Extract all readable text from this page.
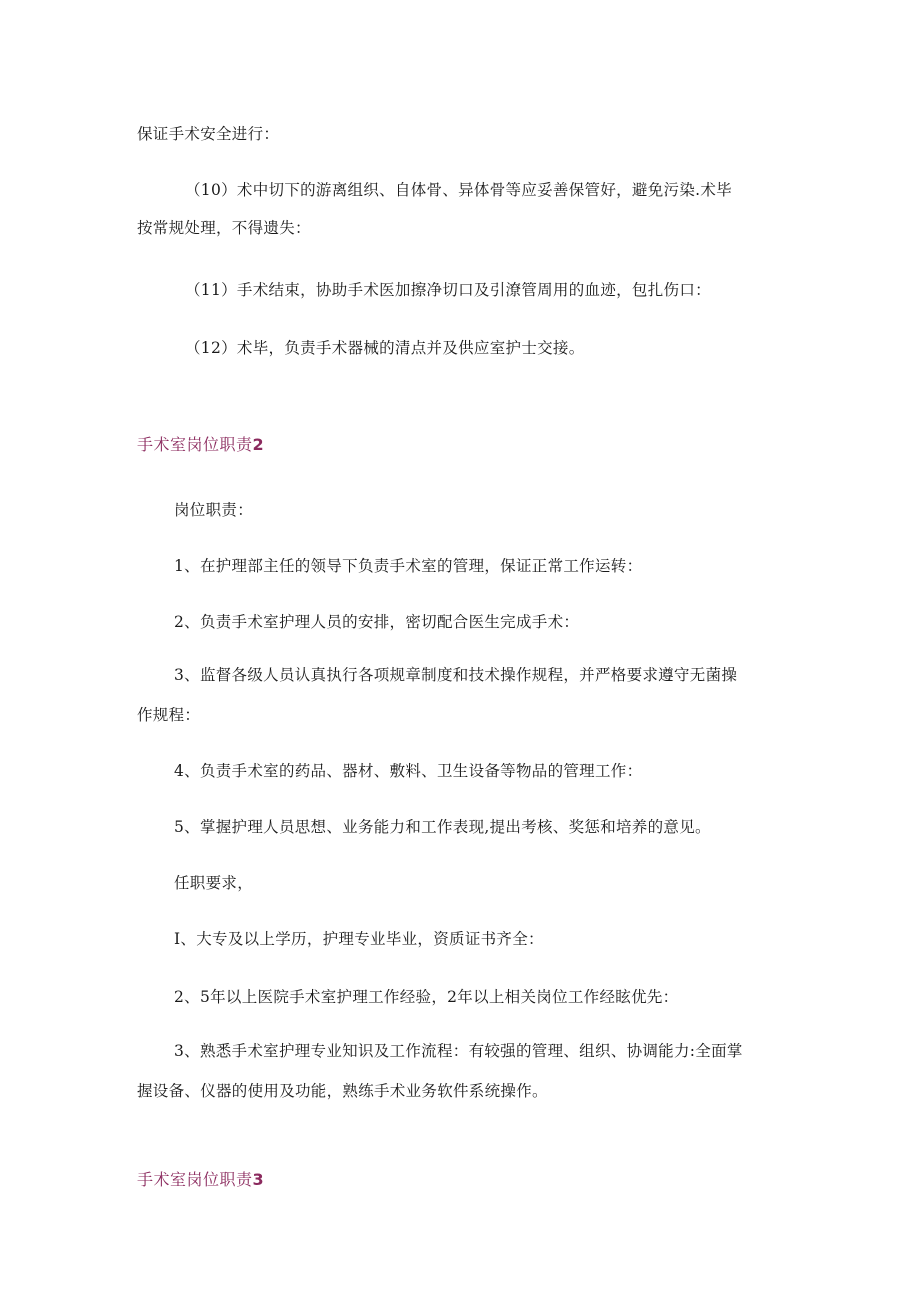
保证手术安全进行：
（10）术中切下的游离组织、自体骨、异体骨等应妥善保管好，避免污染.术毕
按常规处理，不得遗失：
（11）手术结束，协助手术医加擦净切口及引潦管周用的血迹，包扎伤口：
（12）术毕，负责手术器械的清点并及供应室护士交接。
手术室岗位职责2
岗位职责：
1、在护理部主任的领导下负责手术室的管理，保证正常工作运转：
2、负责手术室护理人员的安排，密切配合医生完成手术：
3、监督各级人员认真执行各项规章制度和技术操作规程，并严格要求遵守无菌操
作规程：
4、负责手术室的药品、器材、敷料、卫生设备等物品的管理工作：
5、掌握护理人员思想、业务能力和工作表现,提出考核、奖惩和培养的意见。
任职要求，
I、大专及以上学历，护理专业毕业，资质证书齐全：
2、5年以上医院手术室护理工作经验，2年以上相关岗位工作经眩优先：
3、熟悉手术室护理专业知识及工作流程：有较强的管理、组织、协调能力:全面掌
握设备、仪器的使用及功能，熟练手术业务软件系统操作。
手术室岗位职责3
